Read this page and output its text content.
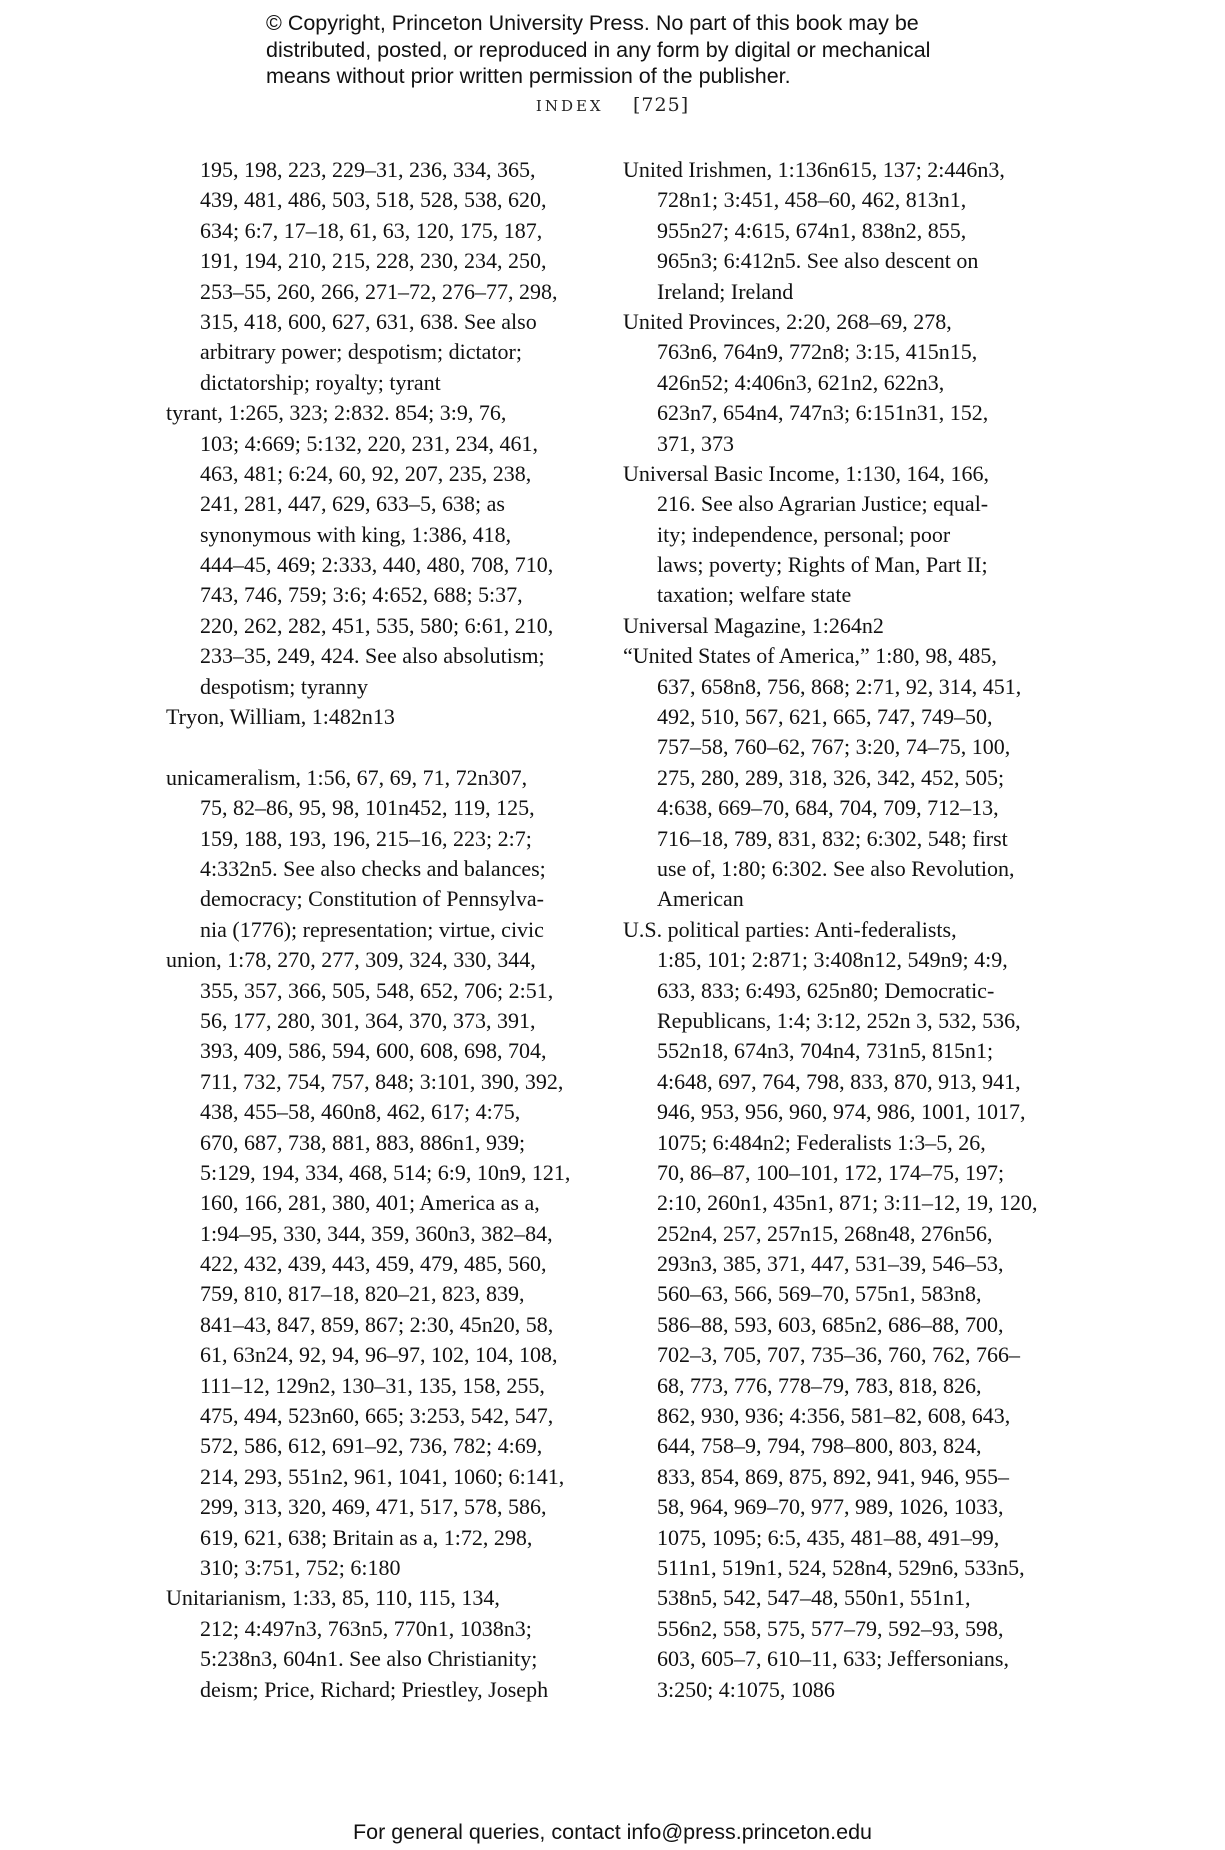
© Copyright, Princeton University Press. No part of this book may be
distributed, posted, or reproduced in any form by digital or mechanical
means without prior written permission of the publisher.
INDEX [725]
195, 198, 223, 229–31, 236, 334, 365,
439, 481, 486, 503, 518, 528, 538, 620,
634; 6:7, 17–18, 61, 63, 120, 175, 187,
191, 194, 210, 215, 228, 230, 234, 250,
253–55, 260, 266, 271–72, 276–77, 298,
315, 418, 600, 627, 631, 638. See also
arbitrary power; despotism; dictator;
dictatorship; royalty; tyrant
tyrant, 1:265, 323; 2:832. 854; 3:9, 76,
103; 4:669; 5:132, 220, 231, 234, 461,
463, 481; 6:24, 60, 92, 207, 235, 238,
241, 281, 447, 629, 633–5, 638; as
synonymous with king, 1:386, 418,
444–45, 469; 2:333, 440, 480, 708, 710,
743, 746, 759; 3:6; 4:652, 688; 5:37,
220, 262, 282, 451, 535, 580; 6:61, 210,
233–35, 249, 424. See also absolutism;
despotism; tyranny
Tryon, William, 1:482n13
unicameralism, 1:56, 67, 69, 71, 72n307,
75, 82–86, 95, 98, 101n452, 119, 125,
159, 188, 193, 196, 215–16, 223; 2:7;
4:332n5. See also checks and balances;
democracy; Constitution of Pennsylva-
nia (1776); representation; virtue, civic
union, 1:78, 270, 277, 309, 324, 330, 344,
355, 357, 366, 505, 548, 652, 706; 2:51,
56, 177, 280, 301, 364, 370, 373, 391,
393, 409, 586, 594, 600, 608, 698, 704,
711, 732, 754, 757, 848; 3:101, 390, 392,
438, 455–58, 460n8, 462, 617; 4:75,
670, 687, 738, 881, 883, 886n1, 939;
5:129, 194, 334, 468, 514; 6:9, 10n9, 121,
160, 166, 281, 380, 401; America as a,
1:94–95, 330, 344, 359, 360n3, 382–84,
422, 432, 439, 443, 459, 479, 485, 560,
759, 810, 817–18, 820–21, 823, 839,
841–43, 847, 859, 867; 2:30, 45n20, 58,
61, 63n24, 92, 94, 96–97, 102, 104, 108,
111–12, 129n2, 130–31, 135, 158, 255,
475, 494, 523n60, 665; 3:253, 542, 547,
572, 586, 612, 691–92, 736, 782; 4:69,
214, 293, 551n2, 961, 1041, 1060; 6:141,
299, 313, 320, 469, 471, 517, 578, 586,
619, 621, 638; Britain as a, 1:72, 298,
310; 3:751, 752; 6:180
Unitarianism, 1:33, 85, 110, 115, 134,
212; 4:497n3, 763n5, 770n1, 1038n3;
5:238n3, 604n1. See also Christianity;
deism; Price, Richard; Priestley, Joseph
United Irishmen, 1:136n615, 137; 2:446n3,
728n1; 3:451, 458–60, 462, 813n1,
955n27; 4:615, 674n1, 838n2, 855,
965n3; 6:412n5. See also descent on
Ireland; Ireland
United Provinces, 2:20, 268–69, 278,
763n6, 764n9, 772n8; 3:15, 415n15,
426n52; 4:406n3, 621n2, 622n3,
623n7, 654n4, 747n3; 6:151n31, 152,
371, 373
Universal Basic Income, 1:130, 164, 166,
216. See also Agrarian Justice; equal-
ity; independence, personal; poor
laws; poverty; Rights of Man, Part II;
taxation; welfare state
Universal Magazine, 1:264n2
“United States of America,” 1:80, 98, 485,
637, 658n8, 756, 868; 2:71, 92, 314, 451,
492, 510, 567, 621, 665, 747, 749–50,
757–58, 760–62, 767; 3:20, 74–75, 100,
275, 280, 289, 318, 326, 342, 452, 505;
4:638, 669–70, 684, 704, 709, 712–13,
716–18, 789, 831, 832; 6:302, 548; first
use of, 1:80; 6:302. See also Revolution,
American
U.S. political parties: Anti-federalists,
1:85, 101; 2:871; 3:408n12, 549n9; 4:9,
633, 833; 6:493, 625n80; Democratic-
Republicans, 1:4; 3:12, 252n 3, 532, 536,
552n18, 674n3, 704n4, 731n5, 815n1;
4:648, 697, 764, 798, 833, 870, 913, 941,
946, 953, 956, 960, 974, 986, 1001, 1017,
1075; 6:484n2; Federalists 1:3–5, 26,
70, 86–87, 100–101, 172, 174–75, 197;
2:10, 260n1, 435n1, 871; 3:11–12, 19, 120,
252n4, 257, 257n15, 268n48, 276n56,
293n3, 385, 371, 447, 531–39, 546–53,
560–63, 566, 569–70, 575n1, 583n8,
586–88, 593, 603, 685n2, 686–88, 700,
702–3, 705, 707, 735–36, 760, 762, 766–
68, 773, 776, 778–79, 783, 818, 826,
862, 930, 936; 4:356, 581–82, 608, 643,
644, 758–9, 794, 798–800, 803, 824,
833, 854, 869, 875, 892, 941, 946, 955–
58, 964, 969–70, 977, 989, 1026, 1033,
1075, 1095; 6:5, 435, 481–88, 491–99,
511n1, 519n1, 524, 528n4, 529n6, 533n5,
538n5, 542, 547–48, 550n1, 551n1,
556n2, 558, 575, 577–79, 592–93, 598,
603, 605–7, 610–11, 633; Jeffersonians,
3:250; 4:1075, 1086
For general queries, contact info@press.princeton.edu
